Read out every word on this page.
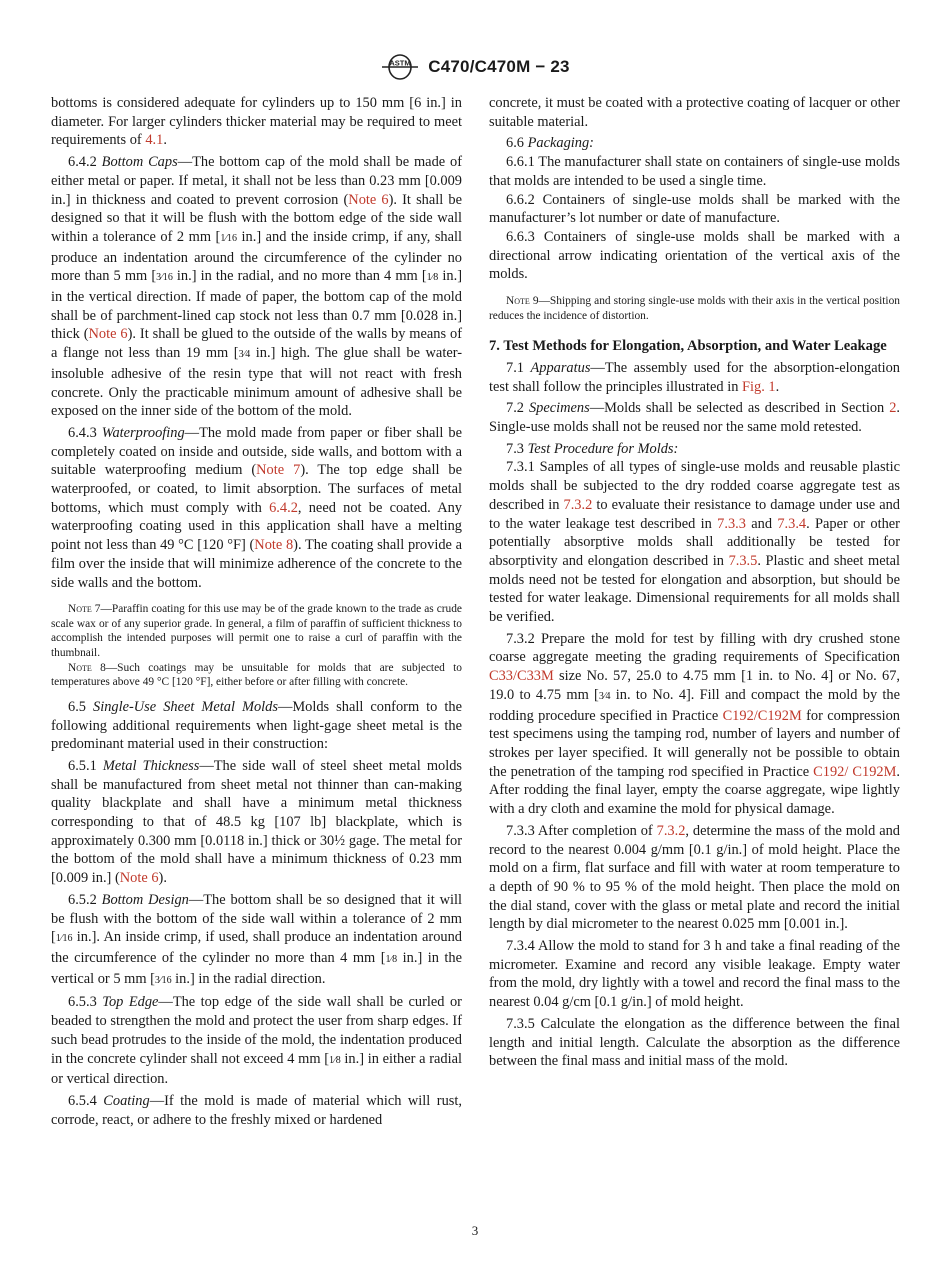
ASTM C470/C470M − 23

bottoms is considered adequate for cylinders up to 150 mm [6 in.] in diameter. For larger cylinders thicker material may be required to meet requirements of 4.1.

6.4.2 Bottom Caps—The bottom cap of the mold shall be made of either metal or paper. If metal, it shall not be less than 0.23 mm [0.009 in.] in thickness and coated to prevent corrosion (Note 6). It shall be designed so that it will be flush with the bottom edge of the side wall within a tolerance of 2 mm [1⁄16 in.] and the inside crimp, if any, shall produce an indentation around the circumference of the cylinder no more than 5 mm [3⁄16 in.] in the radial, and no more than 4 mm [1⁄8 in.] in the vertical direction. If made of paper, the bottom cap of the mold shall be of parchment-lined cap stock not less than 0.7 mm [0.028 in.] thick (Note 6). It shall be glued to the outside of the walls by means of a flange not less than 19 mm [3⁄4 in.] high. The glue shall be water-insoluble adhesive of the resin type that will not react with fresh concrete. Only the practicable minimum amount of adhesive shall be exposed on the inner side of the bottom of the mold.

6.4.3 Waterproofing—The mold made from paper or fiber shall be completely coated on inside and outside, side walls, and bottom with a suitable waterproofing medium (Note 7). The top edge shall be waterproofed, or coated, to limit absorption. The surfaces of metal bottoms, which must comply with 6.4.2, need not be coated. Any waterproofing coating used in this application shall have a melting point not less than 49 °C [120 °F] (Note 8). The coating shall provide a film over the inside that will minimize adherence of the concrete to the side walls and the bottom.

Note 7—Paraffin coating for this use may be of the grade known to the trade as crude scale wax or of any superior grade. In general, a film of paraffin of sufficient thickness to accomplish the intended purposes will permit one to raise a curl of paraffin with the thumbnail.

Note 8—Such coatings may be unsuitable for molds that are subjected to temperatures above 49 °C [120 °F], either before or after filling with concrete.

6.5 Single-Use Sheet Metal Molds—Molds shall conform to the following additional requirements when light-gage sheet metal is the predominant material used in their construction:

6.5.1 Metal Thickness—The side wall of steel sheet metal molds shall be manufactured from sheet metal not thinner than can-making quality blackplate and shall have a minimum metal thickness corresponding to that of 48.5 kg [107 lb] blackplate, which is approximately 0.300 mm [0.0118 in.] thick or 30½ gage. The metal for the bottom of the mold shall have a minimum thickness of 0.23 mm [0.009 in.] (Note 6).

6.5.2 Bottom Design—The bottom shall be so designed that it will be flush with the bottom of the side wall within a tolerance of 2 mm [1⁄16 in.]. An inside crimp, if used, shall produce an indentation around the circumference of the cylinder no more than 4 mm [1⁄8 in.] in the vertical or 5 mm [3⁄16 in.] in the radial direction.

6.5.3 Top Edge—The top edge of the side wall shall be curled or beaded to strengthen the mold and protect the user from sharp edges. If such bead protrudes to the inside of the mold, the indentation produced in the concrete cylinder shall not exceed 4 mm [1⁄8 in.] in either a radial or vertical direction.

6.5.4 Coating—If the mold is made of material which will rust, corrode, react, or adhere to the freshly mixed or hardened

concrete, it must be coated with a protective coating of lacquer or other suitable material.

6.6 Packaging:

6.6.1 The manufacturer shall state on containers of single-use molds that molds are intended to be used a single time.

6.6.2 Containers of single-use molds shall be marked with the manufacturer’s lot number or date of manufacture.

6.6.3 Containers of single-use molds shall be marked with a directional arrow indicating orientation of the vertical axis of the molds.

Note 9—Shipping and storing single-use molds with their axis in the vertical position reduces the incidence of distortion.

7. Test Methods for Elongation, Absorption, and Water Leakage

7.1 Apparatus—The assembly used for the absorption-elongation test shall follow the principles illustrated in Fig. 1.

7.2 Specimens—Molds shall be selected as described in Section 2. Single-use molds shall not be reused nor the same mold retested.

7.3 Test Procedure for Molds:

7.3.1 Samples of all types of single-use molds and reusable plastic molds shall be subjected to the dry rodded coarse aggregate test as described in 7.3.2 to evaluate their resistance to damage under use and to the water leakage test described in 7.3.3 and 7.3.4. Paper or other potentially absorptive molds shall additionally be tested for absorptivity and elongation described in 7.3.5. Plastic and sheet metal molds need not be tested for elongation and absorption, but should be tested for water leakage. Dimensional requirements for all molds shall be verified.

7.3.2 Prepare the mold for test by filling with dry crushed stone coarse aggregate meeting the grading requirements of Specification C33/C33M size No. 57, 25.0 to 4.75 mm [1 in. to No. 4] or No. 67, 19.0 to 4.75 mm [3⁄4 in. to No. 4]. Fill and compact the mold by the rodding procedure specified in Practice C192/C192M for compression test specimens using the tamping rod, number of layers and number of strokes per layer specified. It will generally not be possible to obtain the penetration of the tamping rod specified in Practice C192/ C192M. After rodding the final layer, empty the coarse aggregate, wipe lightly with a dry cloth and examine the mold for physical damage.

7.3.3 After completion of 7.3.2, determine the mass of the mold and record to the nearest 0.004 g/mm [0.1 g/in.] of mold height. Place the mold on a firm, flat surface and fill with water at room temperature to a depth of 90 % to 95 % of the mold height. Then place the mold on the dial stand, cover with the glass or metal plate and record the initial length by dial micrometer to the nearest 0.025 mm [0.001 in.].

7.3.4 Allow the mold to stand for 3 h and take a final reading of the micrometer. Examine and record any visible leakage. Empty water from the mold, dry lightly with a towel and record the final mass to the nearest 0.04 g/cm [0.1 g/in.] of mold height.

7.3.5 Calculate the elongation as the difference between the final length and initial length. Calculate the absorption as the difference between the final mass and initial mass of the mold.

3
